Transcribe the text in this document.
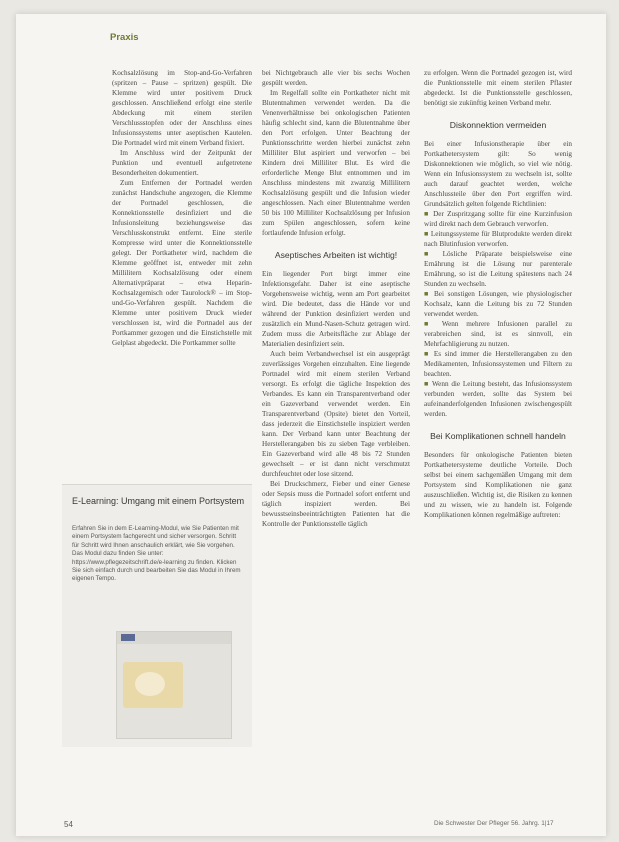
Praxis

Kochsalzlösung im Stop-and-Go-Verfahren (spritzen – Pause – spritzen) gespült. Die Klemme wird unter positivem Druck geschlossen. Anschließend erfolgt eine sterile Abdeckung mit einem sterilen Verschlussstopfen oder der Anschluss eines Infusionssystems unter aseptischen Kautelen. Die Portnadel wird mit einem Verband fixiert.

Im Anschluss wird der Zeitpunkt der Punktion und eventuell aufgetretene Besonderheiten dokumentiert.

Zum Entfernen der Portnadel werden zunächst Handschuhe angezogen, die Klemme der Portnadel geschlossen, die Konnektionsstelle desinfiziert und die Infusionsleitung beziehungsweise das Verschlusskonstrukt entfernt. Eine sterile Kompresse wird unter die Konnektionsstelle gelegt. Der Portkatheter wird, nachdem die Klemme geöffnet ist, entweder mit zehn Millilitern Kochsalzlösung oder einem Alternativpräparat – etwa Heparin-Kochsalzgemisch oder Taurolock® – im Stop-und-Go-Verfahren gespült. Nachdem die Klemme unter positivem Druck wieder verschlossen ist, wird die Portnadel aus der Portkammer gezogen und die Einstichstelle mit Gelplast abgedeckt. Die Portkammer sollte

bei Nichtgebrauch alle vier bis sechs Wochen gespült werden.

Im Regelfall sollte ein Portkatheter nicht mit Blutentnahmen verwendet werden. Da die Venenverhältnisse bei onkologischen Patienten häufig schlecht sind, kann die Blutentnahme über den Port erfolgen. Unter Beachtung der Punktionsschritte werden hierbei zunächst zehn Milliliter Blut aspiriert und verworfen – bei Kindern drei Milliliter Blut. Es wird die erforderliche Menge Blut entnommen und im Anschluss mindestens mit zwanzig Millilitern Kochsalzlösung gespült und die Infusion wieder angeschlossen. Nach einer Blutentnahme werden 50 bis 100 Milliliter Kochsalzlösung per Infusion zum Spülen angeschlossen, sofern keine fortlaufende Infusion erfolgt.

Aseptisches Arbeiten ist wichtig!

Ein liegender Port birgt immer eine Infektionsgefahr. Daher ist eine aseptische Vorgehensweise wichtig, wenn am Port gearbeitet wird. Die bedeutet, dass die Hände vor und während der Punktion desinfiziert werden und zusätzlich ein Mund-Nasen-Schutz getragen wird. Zudem muss die Arbeitsfläche zur Ablage der Materialien desinfiziert sein.

Auch beim Verbandwechsel ist ein ausgeprägt zuverlässiges Vorgehen einzuhalten. Eine liegende Portnadel wird mit einem sterilen Verband versorgt. Es erfolgt die tägliche Inspektion des Verbandes. Es kann ein Transparentverband oder ein Gazeverband verwendet werden. Ein Transparentverband (Opsite) bietet den Vorteil, dass jederzeit die Einstichstelle inspiziert werden kann. Der Verband kann unter Beachtung der Herstellerangaben bis zu sieben Tage verbleiben. Ein Gazeverband wird alle 48 bis 72 Stunden gewechselt – er ist dann nicht verschmutzt durchfeuchtet oder lose sitzend.

Bei Druckschmerz, Fieber und einer Genese oder Sepsis muss die Portnadel sofort entfernt und täglich inspiziert werden. Bei bewusstseinsbeeinträchtigten Patienten hat die Kontrolle der Punktionsstelle täglich

zu erfolgen. Wenn die Portnadel gezogen ist, wird die Punktionsstelle mit einem sterilen Pflaster abgedeckt. Ist die Punktionsstelle geschlossen, benötigt sie zukünftig keinen Verband mehr.

Diskonnektion vermeiden

Bei einer Infusionstherapie über ein Portkathetersystem gilt: So wenig Diskonnektionen wie möglich, so viel wie nötig. Wenn ein Infusionssystem zu wechseln ist, sollte auch darauf geachtet werden, welche Anschlussteile über den Port ergriffen wird. Grundsätzlich gelten folgende Richtlinien:

■ Der Zuspritzgang sollte für eine Kurzinfusion wird direkt nach dem Gebrauch verworfen.

■ Leitungssysteme für Blutprodukte werden direkt nach Blutinfusion verworfen.

■ Lösliche Präparate beispielsweise eine Ernährung ist die Lösung nur parenterale Ernährung, so ist die Leitung spätestens nach 24 Stunden zu wechseln.

■ Bei sonstigen Lösungen, wie physiologischer Kochsalz, kann die Leitung bis zu 72 Stunden verwendet werden.

■ Wenn mehrere Infusionen parallel zu verabreichen sind, ist es sinnvoll, ein Mehrfachligierung zu nutzen.

■ Es sind immer die Herstellerangaben zu den Medikamenten, Infusionssystemen und Filtern zu beachten.

■ Wenn die Leitung besteht, das Infusionssystem verbunden werden, sollte das System bei aufeinanderfolgenden Infusionen zwischengespült werden.

Bei Komplikationen schnell handeln

Besonders für onkologische Patienten bieten Portkathetersysteme deutliche Vorteile. Doch selbst bei einem sachgemäßen Umgang mit dem Portsystem sind Komplikationen nie ganz auszuschließen. Wichtig ist, die Risiken zu kennen und zu wissen, wie zu handeln ist. Folgende Komplikationen können regelmäßige auftreten:

E-Learning: Umgang mit einem Portsystem
Erfahren Sie in dem E-Learning-Modul, wie Sie Patienten mit einem Portsystem fachgerecht und sicher versorgen. Schritt für Schritt wird Ihnen anschaulich erklärt, wie Sie vorgehen. Das Modul dazu finden Sie unter: https://www.pflegezeitschrift.de/e-learning zu finden. Klicken Sie sich einfach durch und bearbeiten Sie das Modul in Ihrem eigenen Tempo.
54	Die Schwester Der Pfleger 56. Jahrg. 1|17
